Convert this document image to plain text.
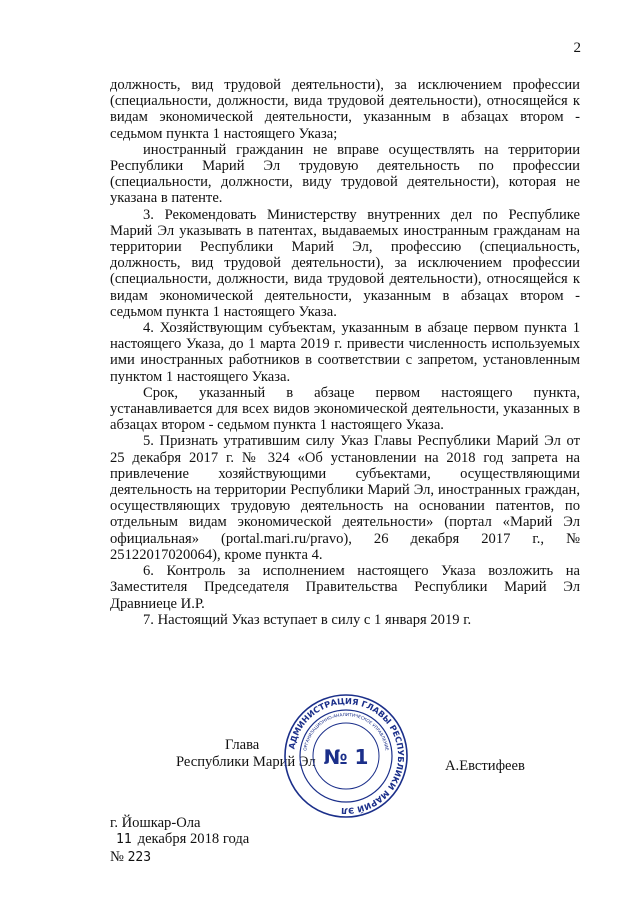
2

должность, вид трудовой деятельности), за исключением профессии (специальности, должности, вида трудовой деятельности), относящейся к видам экономической деятельности, указанным в абзацах втором - седьмом пункта 1 настоящего Указа;

иностранный гражданин не вправе осуществлять на территории Республики Марий Эл трудовую деятельность по профессии (специальности, должности, виду трудовой деятельности), которая не указана в патенте.

3. Рекомендовать Министерству внутренних дел по Республике Марий Эл указывать в патентах, выдаваемых иностранным гражданам на территории Республики Марий Эл, профессию (специальность, должность, вид трудовой деятельности), за исключением профессии (специальности, должности, вида трудовой деятельности), относящейся к видам экономической деятельности, указанным в абзацах втором - седьмом пункта 1 настоящего Указа.

4. Хозяйствующим субъектам, указанным в абзаце первом пункта 1 настоящего Указа, до 1 марта 2019 г. привести численность используемых ими иностранных работников в соответствии с запретом, установленным пунктом 1 настоящего Указа.

Срок, указанный в абзаце первом настоящего пункта, устанавливается для всех видов экономической деятельности, указанных в абзацах втором - седьмом пункта 1 настоящего Указа.

5. Признать утратившим силу Указ Главы Республики Марий Эл от 25 декабря 2017 г. № 324 «Об установлении на 2018 год запрета на привлечение хозяйствующими субъектами, осуществляющими деятельность на территории Республики Марий Эл, иностранных граждан, осуществляющих трудовую деятельность на основании патентов, по отдельным видам экономической деятельности» (портал «Марий Эл официальная» (portal.mari.ru/pravo), 26 декабря 2017 г., № 25122017020064), кроме пункта 4.

6. Контроль за исполнением настоящего Указа возложить на Заместителя Председателя Правительства Республики Марий Эл Дравниеце И.Р.

7. Настоящий Указ вступает в силу с 1 января 2019 г.

Глава
Республики Марий Эл	А.Евстифеев
АДМИНИСТРАЦИЯ ГЛАВЫ РЕСПУБЛИКИ МАРИЙ ЭЛ
ОРГАНИЗАЦИОННО-АНАЛИТИЧЕСКОЕ УПРАВЛЕНИЕ
№ 1
г. Йошкар-Ола
11 декабря 2018 года
№ 223
